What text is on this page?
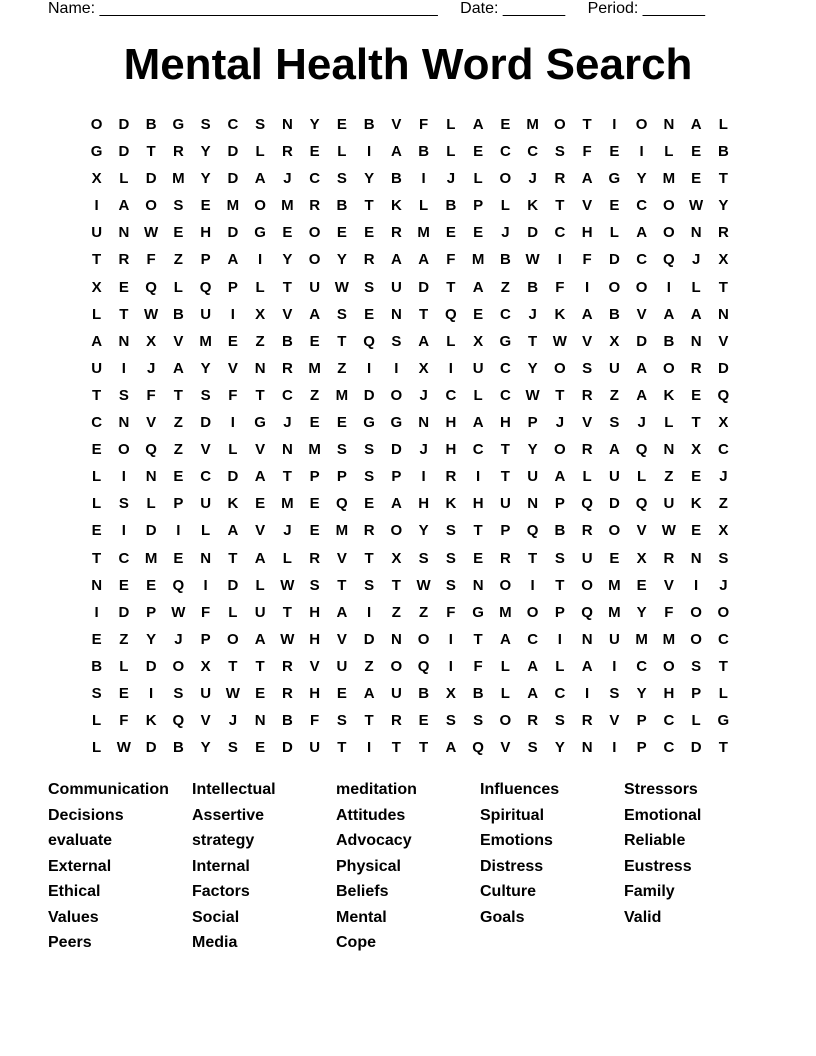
Name: ______________________________________ Date: _______ Period: _______
Mental Health Word Search
O	D	B	G	S	C	S	N	Y	E	B	V	F	L	A	E	M	O	T	I	O	N	A	L
G	D	T	R	Y	D	L	R	E	L	I	A	B	L	E	C	C	S	F	E	I	L	E	B
X	L	D	M	Y	D	A	J	C	S	Y	B	I	J	L	O	J	R	A	G	Y	M	E	T
I	A	O	S	E	M	O	M	R	B	T	K	L	B	P	L	K	T	V	E	C	O W	Y
U	N W	E	H	D	G	E	O	E	E	R	M	E	E	J	D	C	H	L	A	O	N	R
T	R	F	Z	P	A	I	Y	O	Y	R	A	A	F	M	B W	I	F	D	C	Q	J	X
X	E	Q	L	Q	P	L	T	U W	S	U	D	T	A	Z	B	F	I	O	O	I	L	T
L	T	W B	U	I	X	V	A	S	E	N	T	Q	E	C	J	K	A	B	V	A	A	N
A	N	X	V	M	E	Z	B	E	T	Q	S	A	L	X	G	T	W	V	X	D	B	N	V
U	I	J	A	Y	V	N	R	M	Z	I	I	X	I	U	C	Y	O	S	U	A	O	R	D
T	S	F	T	S	F	T	C	Z	M	D	O	J	C	L	C W	T	R	Z	A	K	E	Q
C	N	V	Z	D	I	G	J	E	E	G	G	N	H	A	H	P	J	V	S	J	L	T	X
E	O	Q	Z	V	L	V	N	M	S	S	D	J	H	C	T	Y	O	R	A	Q	N	X	C
L	I	N	E	C	D	A	T	P	P	S	P	I	R	I	T	U	A	L	U	L	Z	E	J
L	S	L	P	U	K	E	M	E	Q	E	A	H	K	H	U	N	P	Q	D	Q	U	K	Z
E	I	D	I	L	A	V	J	E	M	R	O	Y	S	T	P	Q	B	R	O	V	W	E	X
T	C	M	E	N	T	A	L	R	V	T	X	S	S	E	R	T	S	U	E	X	R	N	S
N	E	E	Q	I	D	L	W	S	T	S	T	W	S	N	O	I	T	O	M	E	V	I	J
I	D	P	W	F	L	U	T	H	A	I	Z	Z	F	G	M	O	P	Q	M	Y	F	O	O
E	Z	Y	J	P	O	A W H	V	D	N	O	I	T	A	C	I	N	U	M M	O	C
B	L	D	O	X	T	T	R	V	U	Z	O	Q	I	F	L	A	L	A	I	C	O	S	T
S	E	I	S	U W	E	R	H	E	A	U	B	X	B	L	A	C	I	S	Y	H	P	L
L	F	K	Q	V	J	N	B	F	S	T	R	E	S	S	O	R	S	R	V	P	C	L	G
L	W D	B	Y	S	E	D	U	T	I	T	T	A	Q	V	S	Y	N	I	P	C	D	T
Communication
Decisions
evaluate
External
Ethical
Values
Peers
Intellectual
Assertive
strategy
Internal
Factors
Social
Media
meditation
Attitudes
Advocacy
Physical
Beliefs
Mental
Cope
Influences
Spiritual
Emotions
Distress
Culture
Goals
Stressors
Emotional
Reliable
Eustress
Family
Valid
